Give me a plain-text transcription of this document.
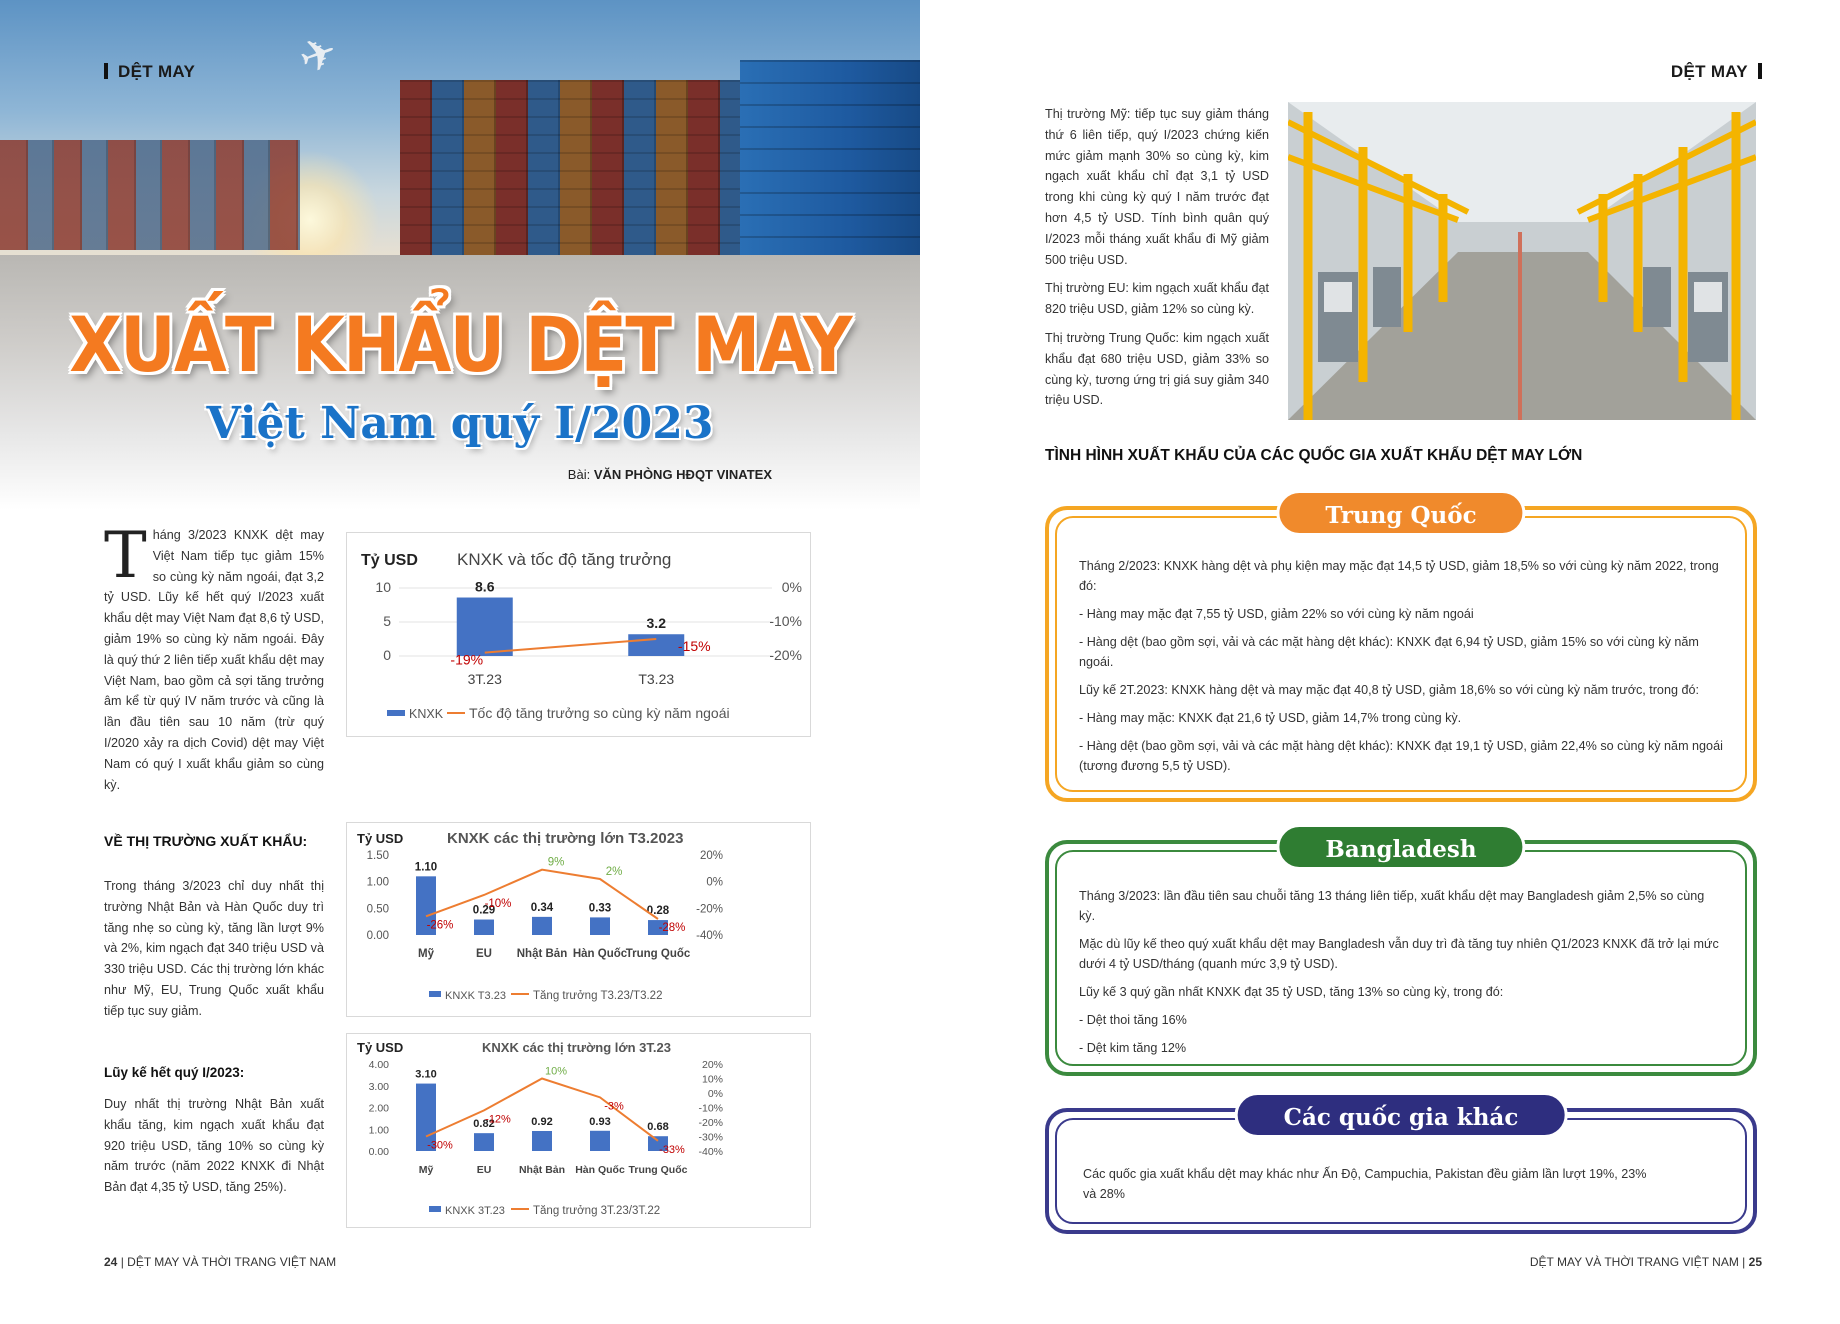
✈
DỆT MAY
XUẤT KHẨU DỆT MAY
Việt Nam quý I/2023
Bài: VĂN PHÒNG HĐQT VINATEX
Tháng 3/2023 KNXK dệt may Việt Nam tiếp tục giảm 15% so cùng kỳ năm ngoái, đạt 3,2 tỷ USD. Lũy kế hết quý I/2023 xuất khẩu dệt may Việt Nam đạt 8,6 tỷ USD, giảm 19% so cùng kỳ năm ngoái. Đây là quý thứ 2 liên tiếp xuất khẩu dệt may Việt Nam, bao gồm cả sợi tăng trưởng âm kể từ quý IV năm trước và cũng là lần đầu tiên sau 10 năm (trừ quý I/2020 xảy ra dịch Covid) dệt may Việt Nam có quý I xuất khẩu giảm so cùng kỳ.
VỀ THỊ TRƯỜNG XUẤT KHẨU:
Trong tháng 3/2023 chỉ duy nhất thị trường Nhật Bản và Hàn Quốc duy trì tăng nhẹ so cùng kỳ, tăng lần lượt 9% và 2%, kim ngạch đạt 340 triệu USD và 330 triệu USD. Các thị trường lớn khác như Mỹ, EU, Trung Quốc xuất khẩu tiếp tục suy giảm.
Lũy kế hết quý I/2023:
Duy nhất thị trường Nhật Bản xuất khẩu tăng, kim ngạch xuất khẩu đạt 920 triệu USD, tăng 10% so cùng kỳ năm trước (năm 2022 KNXK đi Nhật Bản đạt 4,35 tỷ USD, tăng 25%).
Tỷ USD KNXK và tốc độ tăng trưởng
10
5
0
0%
-10%
-20%
8.6
3T.23
3.2
T3.23
-19%
-15%
KNXK Tốc độ tăng trưởng so cùng kỳ năm ngoái
Tỷ USD	KNXK các thị trường lớn T3.2023
1.50
1.00
0.50
0.00
20%
0%
-20%
-40%
1.10
Mỹ
0.29
EU
0.34
Nhật Bản
0.33
Hàn Quốc
0.28
Trung Quốc
-26%
-10%
9%
2%
-28%
KNXK T3.23 Tăng trưởng T3.23/T3.22
Tỷ USD	KNXK các thị trường lớn 3T.23
4.00
3.00
2.00
1.00
0.00
20%
10%
0%
-10%
-20%
-30%
-40%
3.10
Mỹ
0.82
EU
0.92
Nhật Bản
0.93
Hàn Quốc
0.68
Trung Quốc
-30%
-12%
10%
-3%
-33%
KNXK 3T.23 Tăng trưởng 3T.23/3T.22
24 | DỆT MAY VÀ THỜI TRANG VIỆT NAM
DỆT MAY

Thị trường Mỹ: tiếp tục suy giảm tháng thứ 6 liên tiếp, quý I/2023 chứng kiến mức giảm mạnh 30% so cùng kỳ, kim ngạch xuất khẩu chỉ đạt 3,1 tỷ USD trong khi cùng kỳ quý I năm trước đạt hơn 4,5 tỷ USD. Tính bình quân quý I/2023 mỗi tháng xuất khẩu đi Mỹ giảm 500 triệu USD.

Thị trường EU: kim ngạch xuất khẩu đạt 820 triệu USD, giảm 12% so cùng kỳ.

Thị trường Trung Quốc: kim ngạch xuất khẩu đạt 680 triệu USD, giảm 33% so cùng kỳ, tương ứng trị giá suy giảm 340 triệu USD.

TÌNH HÌNH XUẤT KHẨU CỦA CÁC QUỐC GIA XUẤT KHẨU DỆT MAY LỚN
Trung Quốc

Tháng 2/2023: KNXK hàng dệt và phụ kiện may mặc đạt 14,5 tỷ USD, giảm 18,5% so với cùng kỳ năm 2022, trong đó:

- Hàng may mặc đạt 7,55 tỷ USD, giảm 22% so với cùng kỳ năm ngoái

- Hàng dệt (bao gồm sợi, vải và các mặt hàng dệt khác): KNXK đạt 6,94 tỷ USD, giảm 15% so với cùng kỳ năm ngoái.

Lũy kế 2T.2023: KNXK hàng dệt và may mặc đạt 40,8 tỷ USD, giảm 18,6% so với cùng kỳ năm trước, trong đó:

- Hàng may mặc: KNXK đạt 21,6 tỷ USD, giảm 14,7% trong cùng kỳ.

- Hàng dệt (bao gồm sợi, vải và các mặt hàng dệt khác): KNXK đạt 19,1 tỷ USD, giảm 22,4% so cùng kỳ năm ngoái (tương đương 5,5 tỷ USD).

Bangladesh

Tháng 3/2023: lần đầu tiên sau chuỗi tăng 13 tháng liên tiếp, xuất khẩu dệt may Bangladesh giảm 2,5% so cùng kỳ.

Mặc dù lũy kế theo quý xuất khẩu dệt may Bangladesh vẫn duy trì đà tăng tuy nhiên Q1/2023 KNXK đã trở lại mức dưới 4 tỷ USD/tháng (quanh mức 3,9 tỷ USD).

Lũy kế 3 quý gần nhất KNXK đạt 35 tỷ USD, tăng 13% so cùng kỳ, trong đó:

- Dệt thoi tăng 16%

- Dệt kim tăng 12%

Các quốc gia khác

Các quốc gia xuất khẩu dệt may khác như Ấn Độ, Campuchia, Pakistan đều giảm lần lượt 19%, 23% và 28%

DỆT MAY VÀ THỜI TRANG VIỆT NAM | 25
